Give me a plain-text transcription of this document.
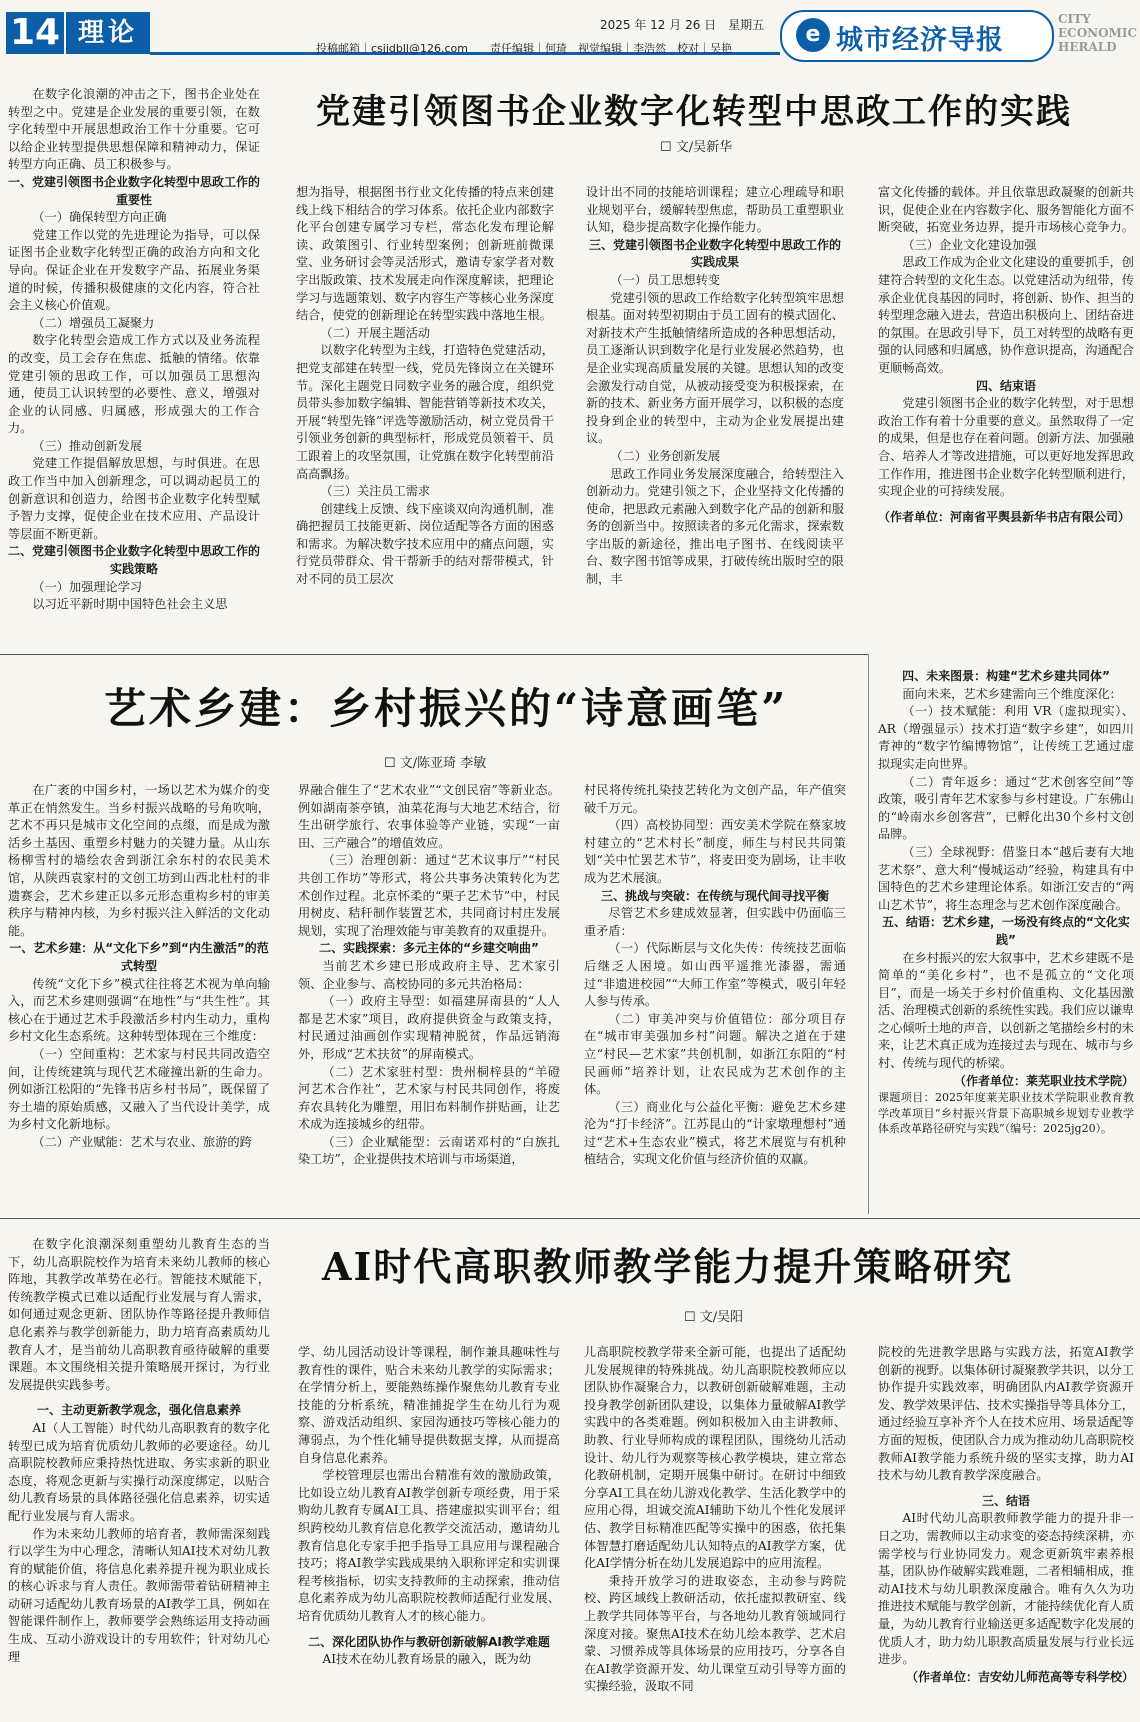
14 理论	2025 年 12 月 26 日　星期五
投稿邮箱｜csjjdbll@126.com　　责任编辑｜何琦　视觉编辑｜李浩然　校对｜吴艳
e 城市经济导报
CITY
ECONOMIC
HERALD
党建引领图书企业数字化转型中思政工作的实践
☐ 文/吴新华

在数字化浪潮的冲击之下，图书企业处在转型之中。党建是企业发展的重要引领，在数字化转型中开展思想政治工作十分重要。它可以给企业转型提供思想保障和精神动力，保证转型方向正确、员工积极参与。

一、党建引领图书企业数字化转型中思政工作的重要性

（一）确保转型方向正确

党建工作以党的先进理论为指导，可以保证图书企业数字化转型正确的政治方向和文化导向。保证企业在开发数字产品、拓展业务渠道的时候，传播积极健康的文化内容，符合社会主义核心价值观。

（二）增强员工凝聚力

数字化转型会造成工作方式以及业务流程的改变，员工会存在焦虑、抵触的情绪。依靠党建引领的思政工作，可以加强员工思想沟通，使员工认识转型的必要性、意义，增强对企业的认同感、归属感，形成强大的工作合力。

（三）推动创新发展

党建工作提倡解放思想，与时俱进。在思政工作当中加入创新理念，可以调动起员工的创新意识和创造力，给图书企业数字化转型赋予智力支撑，促使企业在技术应用、产品设计等层面不断更新。

二、党建引领图书企业数字化转型中思政工作的实践策略

（一）加强理论学习

以习近平新时期中国特色社会主义思

想为指导，根据图书行业文化传播的特点来创建线上线下相结合的学习体系。依托企业内部数字化平台创建专属学习专栏，常态化发布理论解读、政策图引、行业转型案例；创新班前微课堂、业务研讨会等灵活形式，邀请专家学者对数字出版政策、技术发展走向作深度解读，把理论学习与选题策划、数字内容生产等核心业务深度结合，使党的创新理论在转型实践中落地生根。

（二）开展主题活动

以数字化转型为主线，打造特色党建活动，把党支部建在转型一线，党员先锋岗立在关键环节。深化主题党日同数字业务的融合度，组织党员带头参加数字编辑、智能营销等新技术攻关，开展“转型先锋”评选等激励活动，树立党员骨干引领业务创新的典型标杆，形成党员领着干、员工跟着上的攻坚氛围，让党旗在数字化转型前沿高高飘扬。

（三）关注员工需求

创建线上反馈、线下座谈双向沟通机制，准确把握员工技能更新、岗位适配等各方面的困惑和需求。为解决数字技术应用中的痛点问题，实行党员带群众、骨干帮新手的结对帮带模式，针对不同的员工层次

设计出不同的技能培训课程；建立心理疏导和职业规划平台，缓解转型焦虑，帮助员工重塑职业认知，稳步提高数字化操作能力。

三、党建引领图书企业数字化转型中思政工作的实践成果

（一）员工思想转变

党建引领的思政工作给数字化转型筑牢思想根基。面对转型初期由于员工固有的模式固化、对新技术产生抵触情绪所造成的各种思想活动，员工逐渐认识到数字化是行业发展必然趋势，也是企业实现高质量发展的关键。思想认知的改变会激发行动自觉，从被动接受变为积极探索，在新的技术、新业务方面开展学习，以积极的态度投身到企业的转型中，主动为企业发展提出建议。

（二）业务创新发展

思政工作同业务发展深度融合，给转型注入创新动力。党建引领之下，企业坚持文化传播的使命，把思政元素融入到数字化产品的创新和服务的创新当中。按照读者的多元化需求，探索数字出版的新途径，推出电子图书、在线阅读平台、数字图书馆等成果，打破传统出版时空的限制，丰

富文化传播的载体。并且依靠思政凝聚的创新共识，促使企业在内容数字化、服务智能化方面不断突破，拓宽业务边界，提升市场核心竞争力。

（三）企业文化建设加强

思政工作成为企业文化建设的重要抓手，创建符合转型的文化生态。以党建活动为纽带，传承企业优良基因的同时，将创新、协作、担当的转型理念融入进去，营造出积极向上、团结奋进的氛围。在思政引导下，员工对转型的战略有更强的认同感和归属感，协作意识提高，沟通配合更顺畅高效。

四、结束语

党建引领图书企业的数字化转型，对于思想政治工作有着十分重要的意义。虽然取得了一定的成果，但是也存在着问题。创新方法、加强融合、培养人才等改进措施，可以更好地发挥思政工作作用，推进图书企业数字化转型顺利进行，实现企业的可持续发展。

（作者单位：河南省平舆县新华书店有限公司）

艺术乡建：乡村振兴的“诗意画笔”
☐ 文/陈亚琦 李敏

在广袤的中国乡村，一场以艺术为媒介的变革正在悄然发生。当乡村振兴战略的号角吹响，艺术不再只是城市文化空间的点缀，而是成为激活乡土基因、重塑乡村魅力的关键力量。从山东杨柳雪村的墙绘农舍到浙江余东村的农民美术馆，从陕西袁家村的文创工坊到山西北杜村的非遗赛会，艺术乡建正以多元形态重构乡村的审美秩序与精神内核，为乡村振兴注入鲜活的文化动能。

一、艺术乡建：从“文化下乡”到“内生激活”的范式转型

传统“文化下乡”模式往往将艺术视为单向输入，而艺术乡建则强调“在地性”与“共生性”。其核心在于通过艺术手段激活乡村内生动力，重构乡村文化生态系统。这种转型体现在三个维度：

（一）空间重构：艺术家与村民共同改造空间，让传统建筑与现代艺术碰撞出新的生命力。例如浙江松阳的“先锋书店乡村书局”，既保留了夯土墙的原始质感，又融入了当代设计美学，成为乡村文化新地标。

（二）产业赋能：艺术与农业、旅游的跨

界融合催生了“艺术农业”“文创民宿”等新业态。例如湖南茶亭镇，油菜花海与大地艺术结合，衍生出研学旅行、农事体验等产业链，实现“一亩田、三产融合”的增值效应。

（三）治理创新：通过“艺术议事厅”“村民共创工作坊”等形式，将公共事务决策转化为艺术创作过程。北京怀柔的“栗子艺术节”中，村民用树皮、秸秆制作装置艺术，共同商讨村庄发展规划，实现了治理效能与审美教育的双重提升。

二、实践探索：多元主体的“乡建交响曲”

当前艺术乡建已形成政府主导、艺术家引领、企业参与、高校协同的多元共治格局：

（一）政府主导型：如福建屏南县的“人人都是艺术家”项目，政府提供资金与政策支持，村民通过油画创作实现精神脱贫，作品远销海外，形成“艺术扶贫”的屏南模式。

（二）艺术家驻村型：贵州桐梓县的“羊磴河艺术合作社”，艺术家与村民共同创作，将废弃农具转化为雕塑，用旧布料制作拼贴画，让艺术成为连接城乡的纽带。

（三）企业赋能型：云南诺邓村的“白族扎染工坊”，企业提供技术培训与市场渠道，

村民将传统扎染技艺转化为文创产品，年产值突破千万元。

（四）高校协同型：西安美术学院在蔡家坡村建立的“艺术村长”制度，师生与村民共同策划“关中忙罢艺术节”，将麦田变为剧场，让丰收成为艺术展演。

三、挑战与突破：在传统与现代间寻找平衡

尽管艺术乡建成效显著，但实践中仍面临三重矛盾：

（一）代际断层与文化失传：传统技艺面临后继乏人困境。如山西平遥推光漆器，需通过“非遗进校园”“大师工作室”等模式，吸引年轻人参与传承。

（二）审美冲突与价值错位：部分项目存在“城市审美强加乡村”问题。解决之道在于建立“村民—艺术家”共创机制，如浙江东阳的“村民画师”培养计划，让农民成为艺术创作的主体。

（三）商业化与公益化平衡：避免艺术乡建沦为“打卡经济”。江苏昆山的“计家墩理想村”通过“艺术+生态农业”模式，将艺术展览与有机种植结合，实现文化价值与经济价值的双赢。

四、未来图景：构建“艺术乡建共同体”

面向未来，艺术乡建需向三个维度深化：

（一）技术赋能：利用 VR（虚拟现实）、AR（增强显示）技术打造“数字乡建”，如四川青神的“数字竹编博物馆”，让传统工艺通过虚拟现实走向世界。

（二）青年返乡：通过“艺术创客空间”等政策，吸引青年艺术家参与乡村建设。广东佛山的“岭南水乡创客营”，已孵化出30个乡村文创品牌。

（三）全球视野：借鉴日本“越后妻有大地艺术祭”、意大利“慢城运动”经验，构建具有中国特色的艺术乡建理论体系。如浙江安吉的“两山艺术节”，将生态理念与艺术创作深度融合。

五、结语：艺术乡建，一场没有终点的“文化实践”

在乡村振兴的宏大叙事中，艺术乡建既不是简单的“美化乡村”，也不是孤立的“文化项目”，而是一场关于乡村价值重构、文化基因激活、治理模式创新的系统性实践。我们应以谦卑之心倾听土地的声音，以创新之笔描绘乡村的未来，让艺术真正成为连接过去与现在、城市与乡村、传统与现代的桥梁。

（作者单位：莱芜职业技术学院）

课题项目：2025年度莱芜职业技术学院职业教育教学改革项目“乡村振兴背景下高职城乡规划专业教学体系改革路径研究与实践”（编号：2025jg20）。

AI时代高职教师教学能力提升策略研究
☐ 文/吴阳

在数字化浪潮深刻重塑幼儿教育生态的当下，幼儿高职院校作为培育未来幼儿教师的核心阵地，其教学改革势在必行。智能技术赋能下，传统教学模式已难以适配行业发展与育人需求，如何通过观念更新、团队协作等路径提升教师信息化素养与教学创新能力，助力培育高素质幼儿教育人才，是当前幼儿高职教育亟待破解的重要课题。本文围绕相关提升策略展开探讨，为行业发展提供实践参考。

一、主动更新教学观念，强化信息素养

AI（人工智能）时代幼儿高职教育的数字化转型已成为培育优质幼儿教师的必要途径。幼儿高职院校教师应秉持热忱进取、务实求新的职业态度，将观念更新与实操行动深度绑定，以贴合幼儿教育场景的具体路径强化信息素养，切实适配行业发展与育人需求。

作为未来幼儿教师的培育者，教师需深刻践行以学生为中心理念，清晰认知AI技术对幼儿教育的赋能价值，将信息化素养提升视为职业成长的核心诉求与育人责任。教师需带着钻研精神主动研习适配幼儿教育场景的AI教学工具，例如在智能课件制作上，教师要学会熟练运用支持动画生成、互动小游戏设计的专用软件；针对幼儿心理

学、幼儿园活动设计等课程，制作兼具趣味性与教育性的课件，贴合未来幼儿教学的实际需求；在学情分析上，要能熟练操作聚焦幼儿教育专业技能的分析系统，精准捕捉学生在幼儿行为观察、游戏活动组织、家园沟通技巧等核心能力的薄弱点，为个性化辅导提供数据支撑，从而提高自身信息化素养。

学校管理层也需出台精准有效的激励政策，比如设立幼儿教育AI教学创新专项经费，用于采购幼儿教育专属AI工具、搭建虚拟实训平台；组织跨校幼儿教育信息化教学交流活动，邀请幼儿教育信息化专家手把手指导工具应用与课程融合技巧；将AI教学实践成果纳入职称评定和实训课程考核指标，切实支持教师的主动探索，推动信息化素养成为幼儿高职院校教师适配行业发展、培育优质幼儿教育人才的核心能力。

二、深化团队协作与教研创新破解AI教学难题

AI技术在幼儿教育场景的融入，既为幼

儿高职院校教学带来全新可能，也提出了适配幼儿发展规律的特殊挑战。幼儿高职院校教师应以团队协作凝聚合力，以教研创新破解难题，主动投身教学创新团队建设，以集体力量破解AI教学实践中的各类难题。例如积极加入由主讲教师、助教、行业导师构成的课程团队，围绕幼儿活动设计、幼儿行为观察等核心教学模块，建立常态化教研机制，定期开展集中研讨。在研讨中细致分享AI工具在幼儿游戏化教学、生活化教学中的应用心得，坦诚交流AI辅助下幼儿个性化发展评估、教学目标精准匹配等实操中的困惑，依托集体智慧打磨适配幼儿认知特点的AI教学方案，优化AI学情分析在幼儿发展追踪中的应用流程。

秉持开放学习的进取姿态，主动参与跨院校、跨区域线上教研活动，依托虚拟教研室、线上教学共同体等平台，与各地幼儿教育领域同行深度对接。聚焦AI技术在幼儿绘本教学、艺术启蒙、习惯养成等具体场景的应用技巧，分享各自在AI教学资源开发、幼儿课堂互动引导等方面的实操经验，汲取不同

院校的先进教学思路与实践方法，拓宽AI教学创新的视野。以集体研讨凝聚教学共识，以分工协作提升实践效率，明确团队内AI教学资源开发、教学效果评估、技术实操指导等具体分工，通过经验互享补齐个人在技术应用、场景适配等方面的短板，使团队合力成为推动幼儿高职院校教师AI教学能力系统升级的坚实支撑，助力AI技术与幼儿教育教学深度融合。

三、结语

AI时代幼儿高职教师教学能力的提升非一日之功，需教师以主动求变的姿态持续深耕，亦需学校与行业协同发力。观念更新筑牢素养根基，团队协作破解实践难题，二者相辅相成，推动AI技术与幼儿职教深度融合。唯有久久为功推进技术赋能与教学创新，才能持续优化育人质量，为幼儿教育行业输送更多适配数字化发展的优质人才，助力幼儿职教高质量发展与行业长远进步。

（作者单位：吉安幼儿师范高等专科学校）
